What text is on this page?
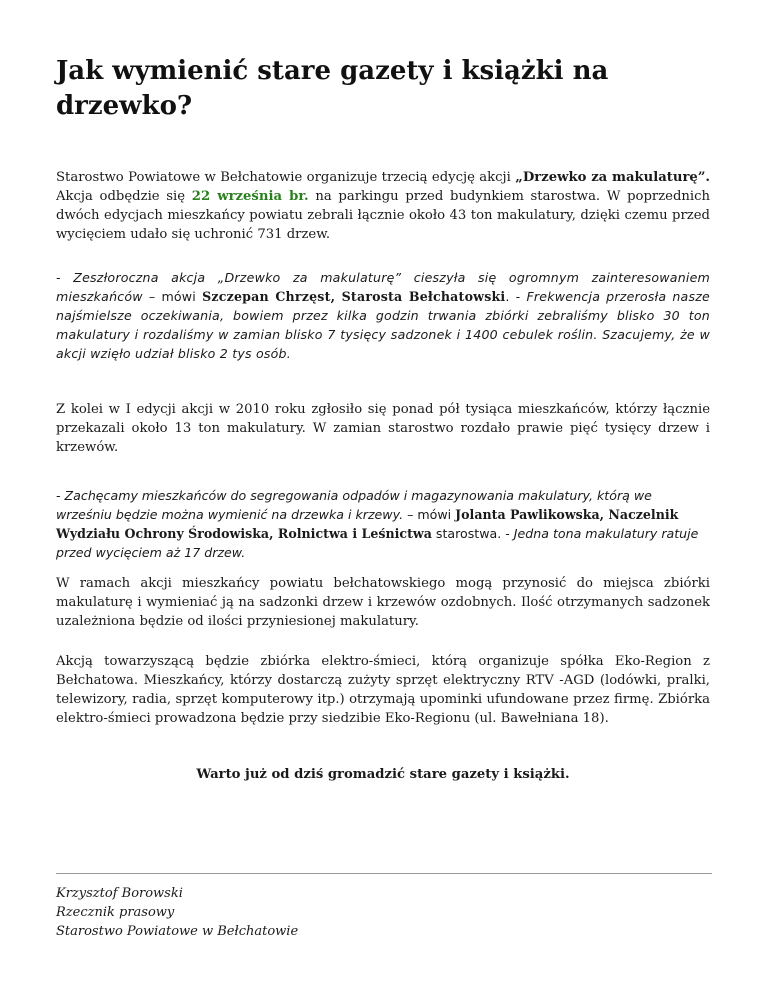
Jak wymienić stare gazety i książki na drzewko?

Starostwo Powiatowe w Bełchatowie organizuje trzecią edycję akcji „Drzewko za makulaturę”. Akcja odbędzie się 22 września br. na parkingu przed budynkiem starostwa. W poprzednich dwóch edycjach mieszkańcy powiatu zebrali łącznie około 43 ton makulatury, dzięki czemu przed wycięciem udało się uchronić 731 drzew.

- Zeszłoroczna akcja „Drzewko za makulaturę” cieszyła się ogromnym zainteresowaniem mieszkańców – mówi Szczepan Chrzęst, Starosta Bełchatowski. - Frekwencja przerosła nasze najśmielsze oczekiwania, bowiem przez kilka godzin trwania zbiórki zebraliśmy blisko 30 ton makulatury i rozdaliśmy w zamian blisko 7 tysięcy sadzonek i 1400 cebulek roślin. Szacujemy, że w akcji wzięło udział blisko 2 tys osób.

Z kolei w I edycji akcji w 2010 roku zgłosiło się ponad pół tysiąca mieszkańców, którzy łącznie przekazali około 13 ton makulatury. W zamian starostwo rozdało prawie pięć tysięcy drzew i krzewów.

- Zachęcamy mieszkańców do segregowania odpadów i magazynowania makulatury, którą we wrześniu będzie można wymienić na drzewka i krzewy. – mówi Jolanta Pawlikowska, Naczelnik Wydziału Ochrony Środowiska, Rolnictwa i Leśnictwa starostwa. - Jedna tona makulatury ratuje przed wycięciem aż 17 drzew.

W ramach akcji mieszkańcy powiatu bełchatowskiego mogą przynosić do miejsca zbiórki makulaturę i wymieniać ją na sadzonki drzew i krzewów ozdobnych. Ilość otrzymanych sadzonek uzależniona będzie od ilości przyniesionej makulatury.

Akcją towarzyszącą będzie zbiórka elektro-śmieci, którą organizuje spółka Eko-Region z Bełchatowa. Mieszkańcy, którzy dostarczą zużyty sprzęt elektryczny RTV -AGD (lodówki, pralki, telewizory, radia, sprzęt komputerowy itp.) otrzymają upominki ufundowane przez firmę. Zbiórka elektro-śmieci prowadzona będzie przy siedzibie Eko-Regionu (ul. Bawełniana 18).

Warto już od dziś gromadzić stare gazety i książki.
Krzysztof Borowski
Rzecznik prasowy
Starostwo Powiatowe w Bełchatowie
